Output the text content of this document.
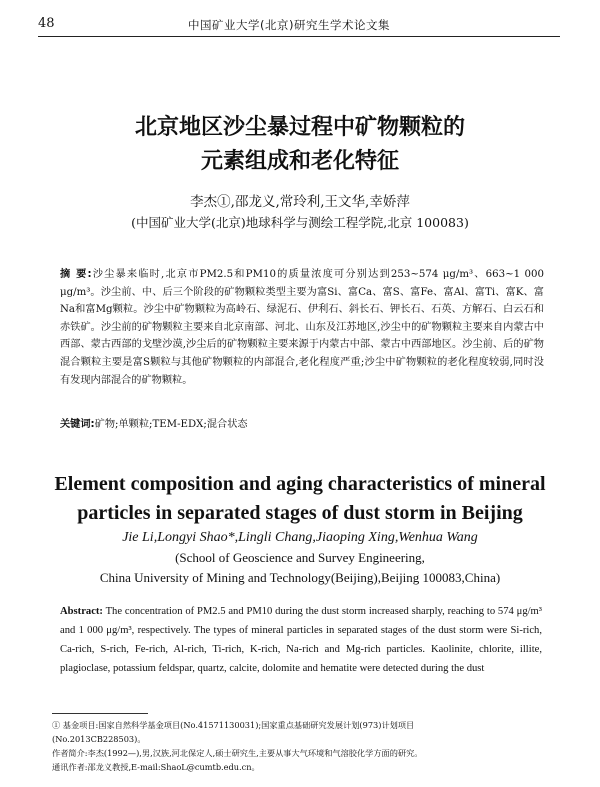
48	中国矿业大学(北京)研究生学术论文集
北京地区沙尘暴过程中矿物颗粒的
元素组成和老化特征
李杰①,邵龙义,常玲利,王文华,幸娇萍
(中国矿业大学(北京)地球科学与测绘工程学院,北京 100083)
摘 要:沙尘暴来临时,北京市PM2.5和PM10的质量浓度可分别达到253~574 μg/m³、663~1 000 μg/m³。沙尘前、中、后三个阶段的矿物颗粒类型主要为富Si、富Ca、富S、富Fe、富Al、富Ti、富K、富Na和富Mg颗粒。沙尘中矿物颗粒为高岭石、绿泥石、伊利石、斜长石、钾长石、石英、方解石、白云石和赤铁矿。沙尘前的矿物颗粒主要来自北京南部、河北、山东及江苏地区,沙尘中的矿物颗粒主要来自内蒙古中西部、蒙古西部的戈壁沙漠,沙尘后的矿物颗粒主要来源于内蒙古中部、蒙古中西部地区。沙尘前、后的矿物混合颗粒主要是富S颗粒与其他矿物颗粒的内部混合,老化程度严重;沙尘中矿物颗粒的老化程度较弱,同时没有发现内部混合的矿物颗粒。
关键词:矿物;单颗粒;TEM-EDX;混合状态
Element composition and aging characteristics of mineral
particles in separated stages of dust storm in Beijing
Jie Li,Longyi Shao*,Lingli Chang,Jiaoping Xing,Wenhua Wang
(School of Geoscience and Survey Engineering,
China University of Mining and Technology(Beijing),Beijing 100083,China)
Abstract: The concentration of PM2.5 and PM10 during the dust storm increased sharply, reaching to 574 μg/m³ and 1 000 μg/m³, respectively. The types of mineral particles in separated stages of the dust storm were Si-rich, Ca-rich, S-rich, Fe-rich, Al-rich, Ti-rich, K-rich, Na-rich and Mg-rich particles. Kaolinite, chlorite, illite, plagioclase, potassium feldspar, quartz, calcite, dolomite and hematite were detected during the dust
① 基金项目:国家自然科学基金项目(No.41571130031);国家重点基础研究发展计划(973)计划项目
(No.2013CB228503)。
作者简介:李杰(1992—),男,汉族,河北保定人,硕士研究生,主要从事大气环境和气溶胶化学方面的研究。
通讯作者:邵龙义教授,E-mail:ShaoL@cumtb.edu.cn。
